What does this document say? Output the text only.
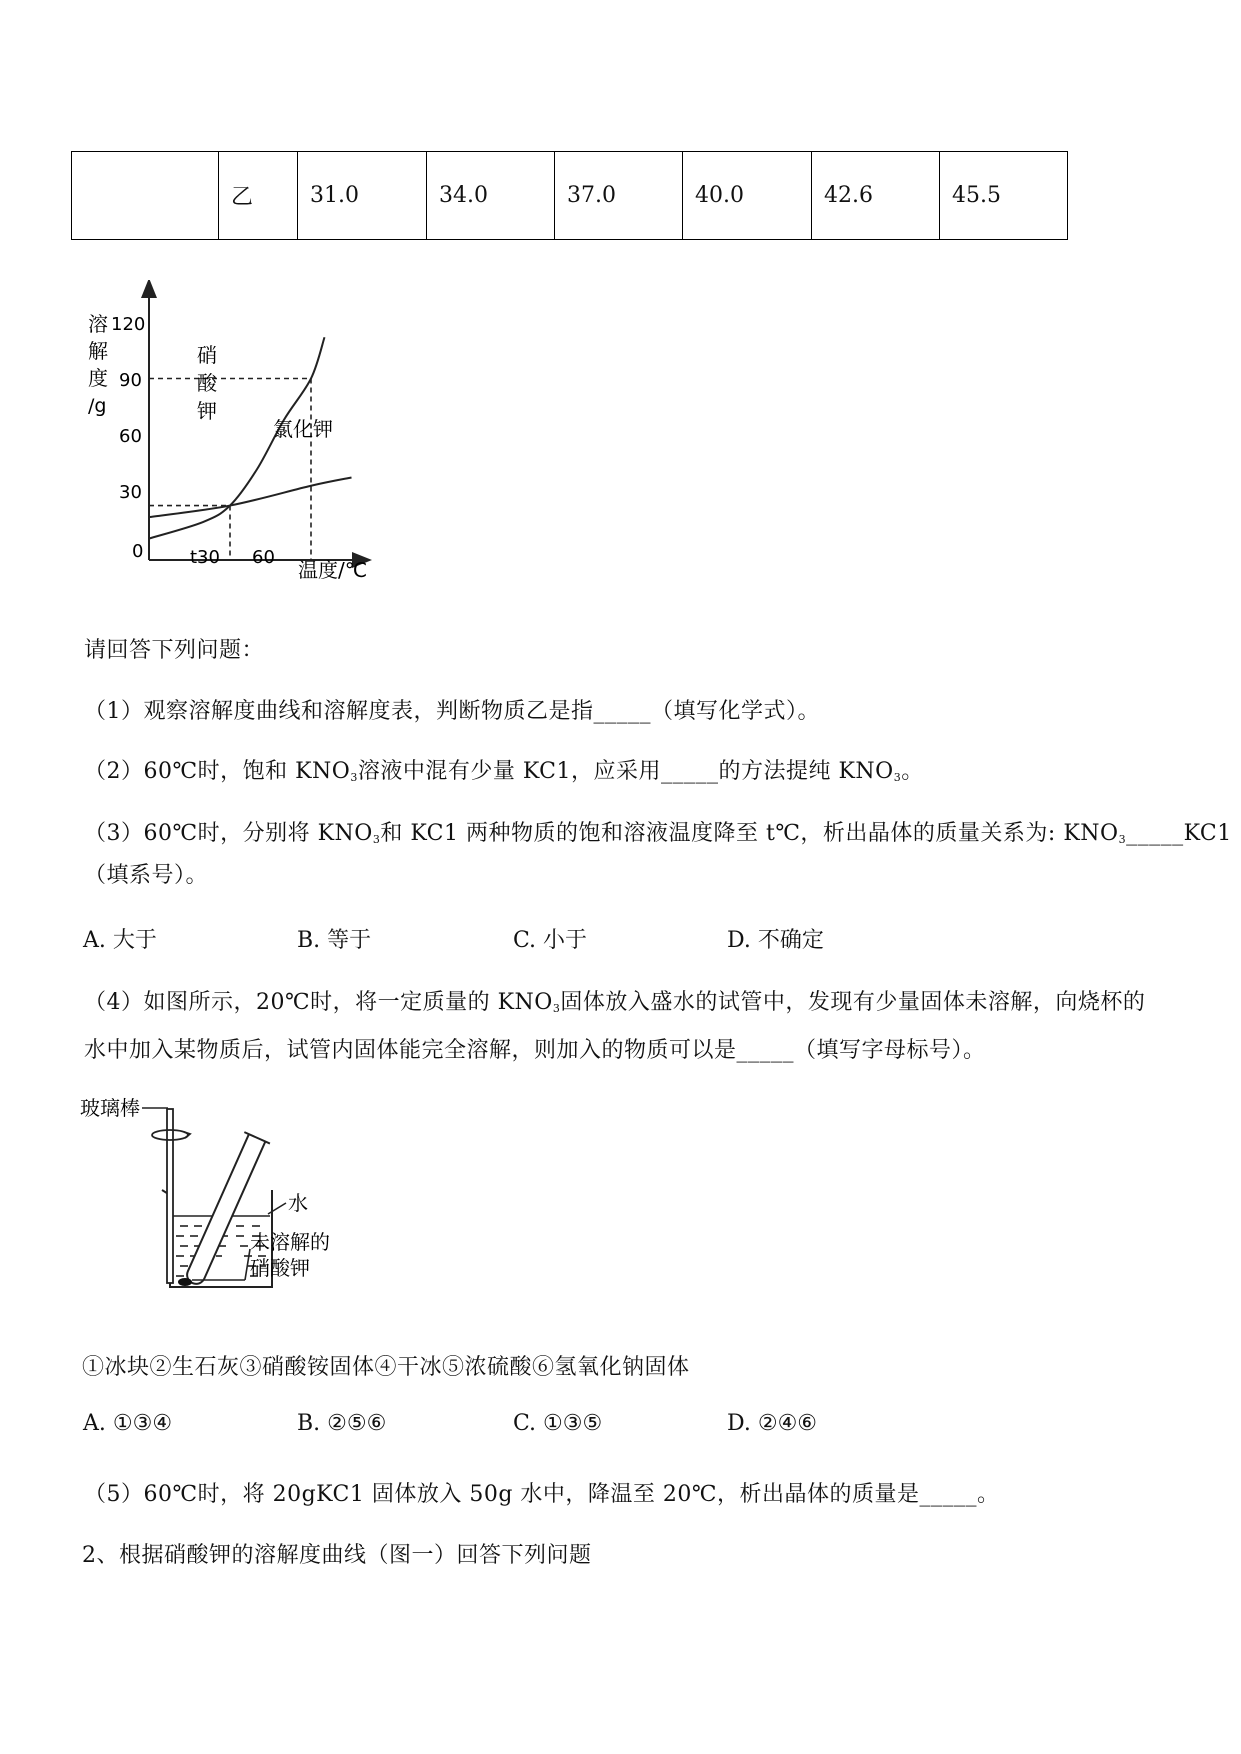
	乙	31.0	34.0	37.0	40.0	42.6	45.5
溶
解
度
/g
120
90
60
30
0	t30 60
温度/℃
硝
酸
钾
氯化钾
请回答下列问题：
（1）观察溶解度曲线和溶解度表，判断物质乙是指_____（填写化学式）。
（2）60℃时，饱和 $KNO_3$溶液中混有少量 KC1，应采用_____的方法提纯 $KNO_3$。
（3）60℃时，分别将 $KNO_3$和 KC1 两种物质的饱和溶液温度降至 t℃，析出晶体的质量关系为: $KNO_3\_\_\_\_\_KC1$
（填系号）。
A. 大于	B. 等于	C. 小于	D. 不确定
（4）如图所示，20℃时，将一定质量的 $KNO_3$固体放入盛水的试管中，发现有少量固体未溶解，向烧杯的水中加入某物质后，试管内固体能完全溶解，则加入的物质可以是_____（填写字母标号）。
玻璃棒
水
未溶解的
硝酸钾
①冰块②生石灰③硝酸铵固体④干冰⑤浓硫酸⑥氢氧化钠固体
A. ①③④	B. ②⑤⑥	C. ①③⑤	D. ②④⑥
（5）60℃时，将 20gKC1 固体放入 50g 水中，降温至 20℃，析出晶体的质量是_____。
2、根据硝酸钾的溶解度曲线（图一）回答下列问题
